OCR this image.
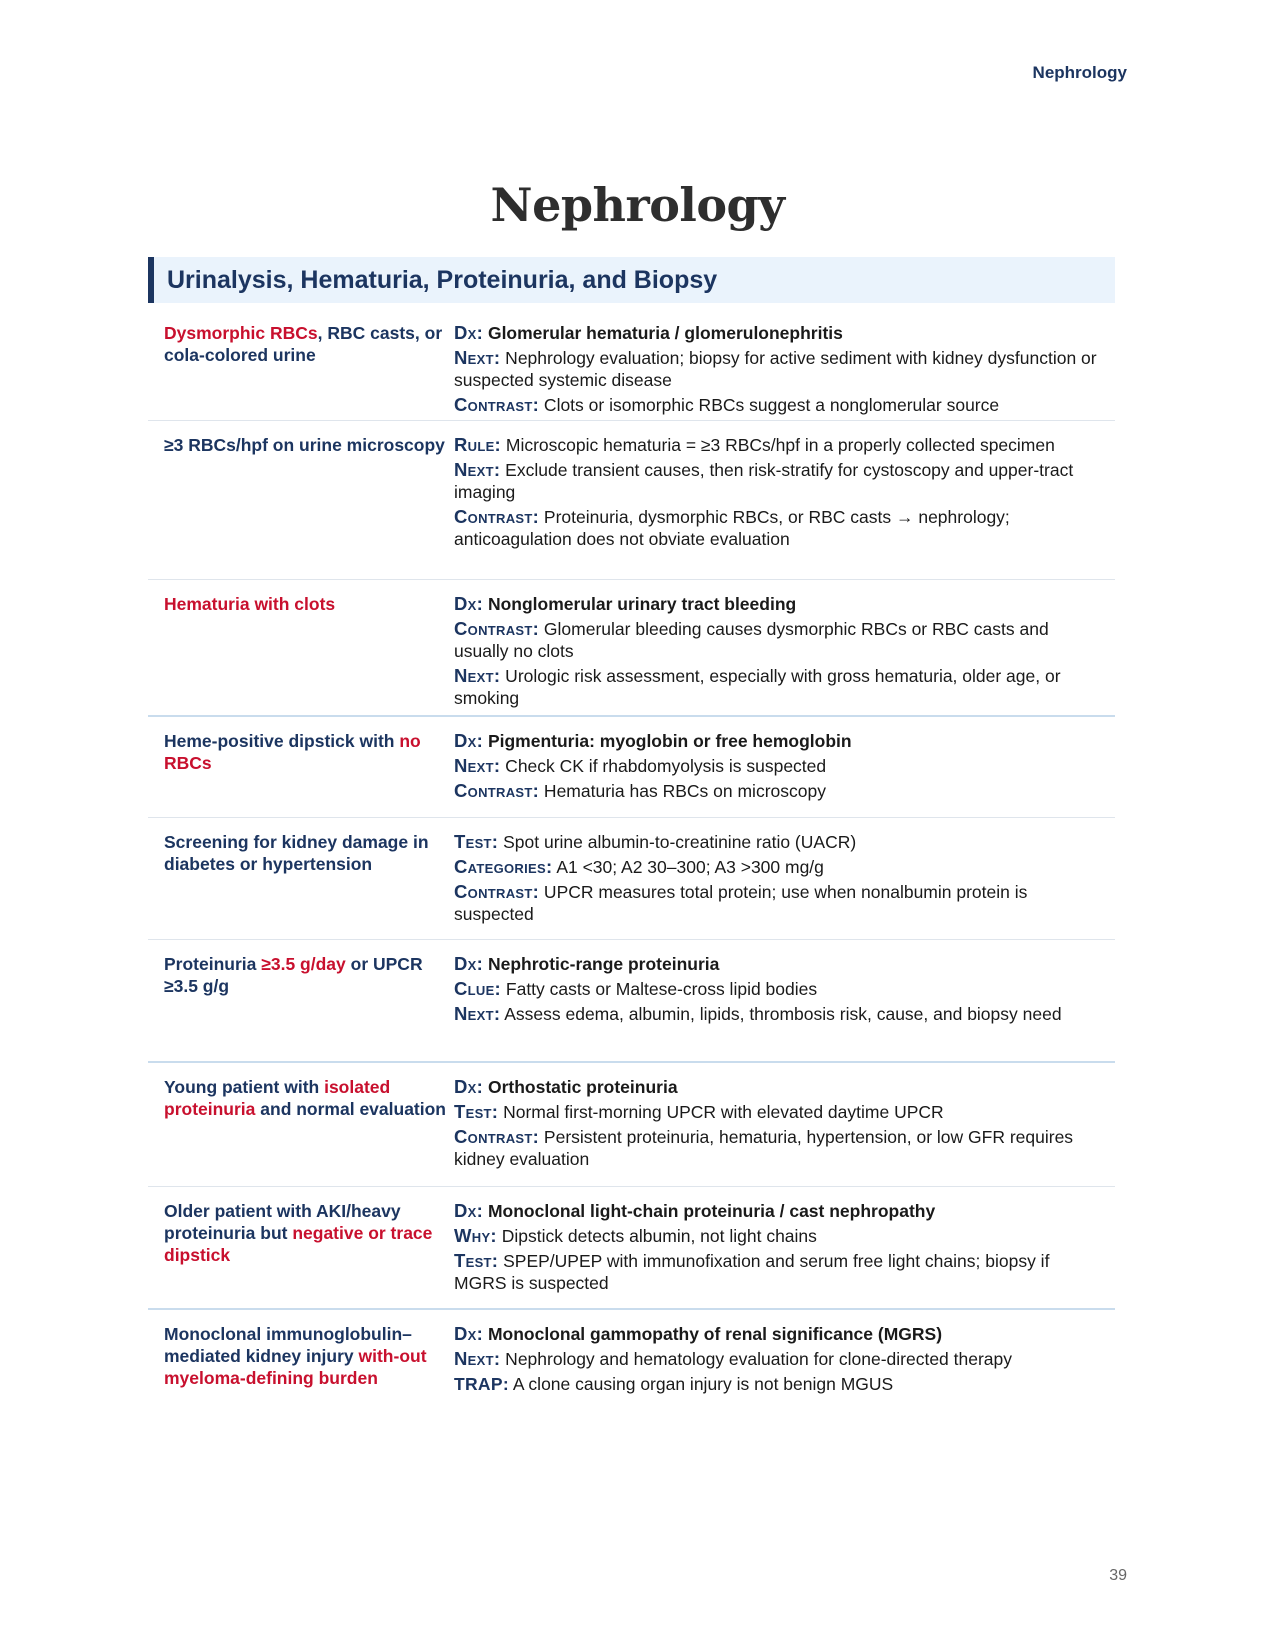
Nephrology
Nephrology
Urinalysis, Hematuria, Proteinuria, and Biopsy
Dysmorphic RBCs, RBC casts, or cola-colored urine
Dx: Glomerular hematuria / glomerulonephritis
Next: Nephrology evaluation; biopsy for active sediment with kidney dysfunction or suspected systemic disease
Contrast: Clots or isomorphic RBCs suggest a nonglomerular source
≥3 RBCs/hpf on urine microscopy Rule: Microscopic hematuria = ≥3 RBCs/hpf in a properly collected specimen
Next: Exclude transient causes, then risk-stratify for cystoscopy and upper-tract imaging
Contrast: Proteinuria, dysmorphic RBCs, or RBC casts → nephrology; anticoagulation does not obviate evaluation
Hematuria with clots	Dx: Nonglomerular urinary tract bleeding
Contrast: Glomerular bleeding causes dysmorphic RBCs or RBC casts and usually no clots
Next: Urologic risk assessment, especially with gross hematuria, older age, or smoking
Heme-positive dipstick with no RBCs
Dx: Pigmenturia: myoglobin or free hemoglobin
Next: Check CK if rhabdomyolysis is suspected
Contrast: Hematuria has RBCs on microscopy
Screening for kidney damage in diabetes or hypertension
Test: Spot urine albumin-to-creatinine ratio (UACR)
Categories: A1 <30; A2 30–300; A3 >300 mg/g
Contrast: UPCR measures total protein; use when nonalbumin protein is suspected
Proteinuria ≥3.5 g/day or UPCR ≥3.5 g/g
Dx: Nephrotic-range proteinuria
Clue: Fatty casts or Maltese-cross lipid bodies
Next: Assess edema, albumin, lipids, thrombosis risk, cause, and biopsy need
Young patient with isolated proteinuria and normal evaluation
Dx: Orthostatic proteinuria
Test: Normal first-morning UPCR with elevated daytime UPCR
Contrast: Persistent proteinuria, hematuria, hypertension, or low GFR requires kidney evaluation
Older patient with AKI/heavy proteinuria but negative or trace dipstick
Dx: Monoclonal light-chain proteinuria / cast nephropathy
Why: Dipstick detects albumin, not light chains
Test: SPEP/UPEP with immunofixation and serum free light chains; biopsy if MGRS is suspected
Monoclonal immunoglobulin–mediated kidney injury with-out myeloma-defining burden
Dx: Monoclonal gammopathy of renal significance (MGRS)
Next: Nephrology and hematology evaluation for clone-directed therapy
TRAP: A clone causing organ injury is not benign MGUS
39
